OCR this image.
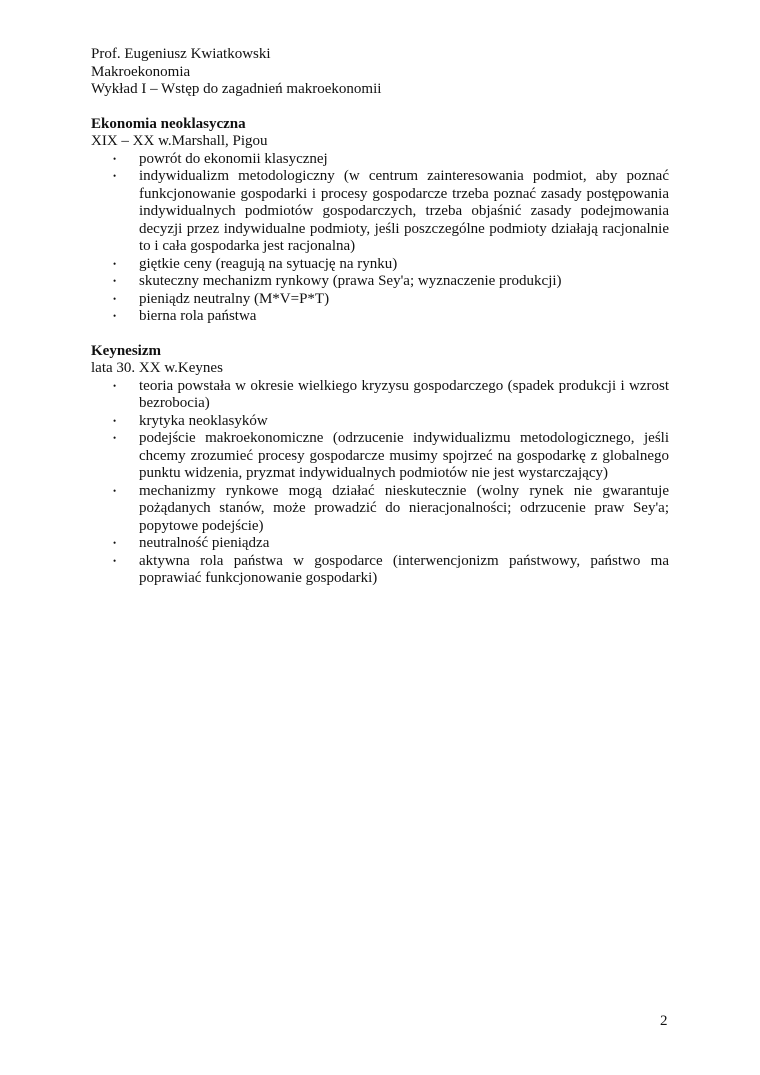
Prof. Eugeniusz Kwiatkowski
Makroekonomia
Wykład I – Wstęp do zagadnień makroekonomii
Ekonomia neoklasyczna
XIX – XX w.Marshall, Pigou
• powrót do ekonomii klasycznej
• indywidualizm metodologiczny (w centrum zainteresowania podmiot, aby poznać funkcjonowanie gospodarki i procesy gospodarcze trzeba poznać zasady postępowania indywidualnych podmiotów gospodarczych, trzeba objaśnić zasady podejmowania decyzji przez indywidualne podmioty, jeśli poszczególne podmioty działają racjonalnie to i cała gospodarka jest racjonalna)
• giętkie ceny (reagują na sytuację na rynku)
• skuteczny mechanizm rynkowy (prawa Sey'a; wyznaczenie produkcji)
• pieniądz neutralny (M*V=P*T)
• bierna rola państwa
Keynesizm
lata 30. XX w.Keynes
• teoria powstała w okresie wielkiego kryzysu gospodarczego (spadek produkcji i wzrost bezrobocia)
• krytyka neoklasyków
• podejście makroekonomiczne (odrzucenie indywidualizmu metodologicznego, jeśli chcemy zrozumieć procesy gospodarcze musimy spojrzeć na gospodarkę z globalnego punktu widzenia, pryzmat indywidualnych podmiotów nie jest wystarczający)
• mechanizmy rynkowe mogą działać nieskutecznie (wolny rynek nie gwarantuje pożądanych stanów, może prowadzić do nieracjonalności; odrzucenie praw Sey'a; popytowe podejście)
• neutralność pieniądza
• aktywna rola państwa w gospodarce (interwencjonizm państwowy, państwo ma poprawiać funkcjonowanie gospodarki)
2
